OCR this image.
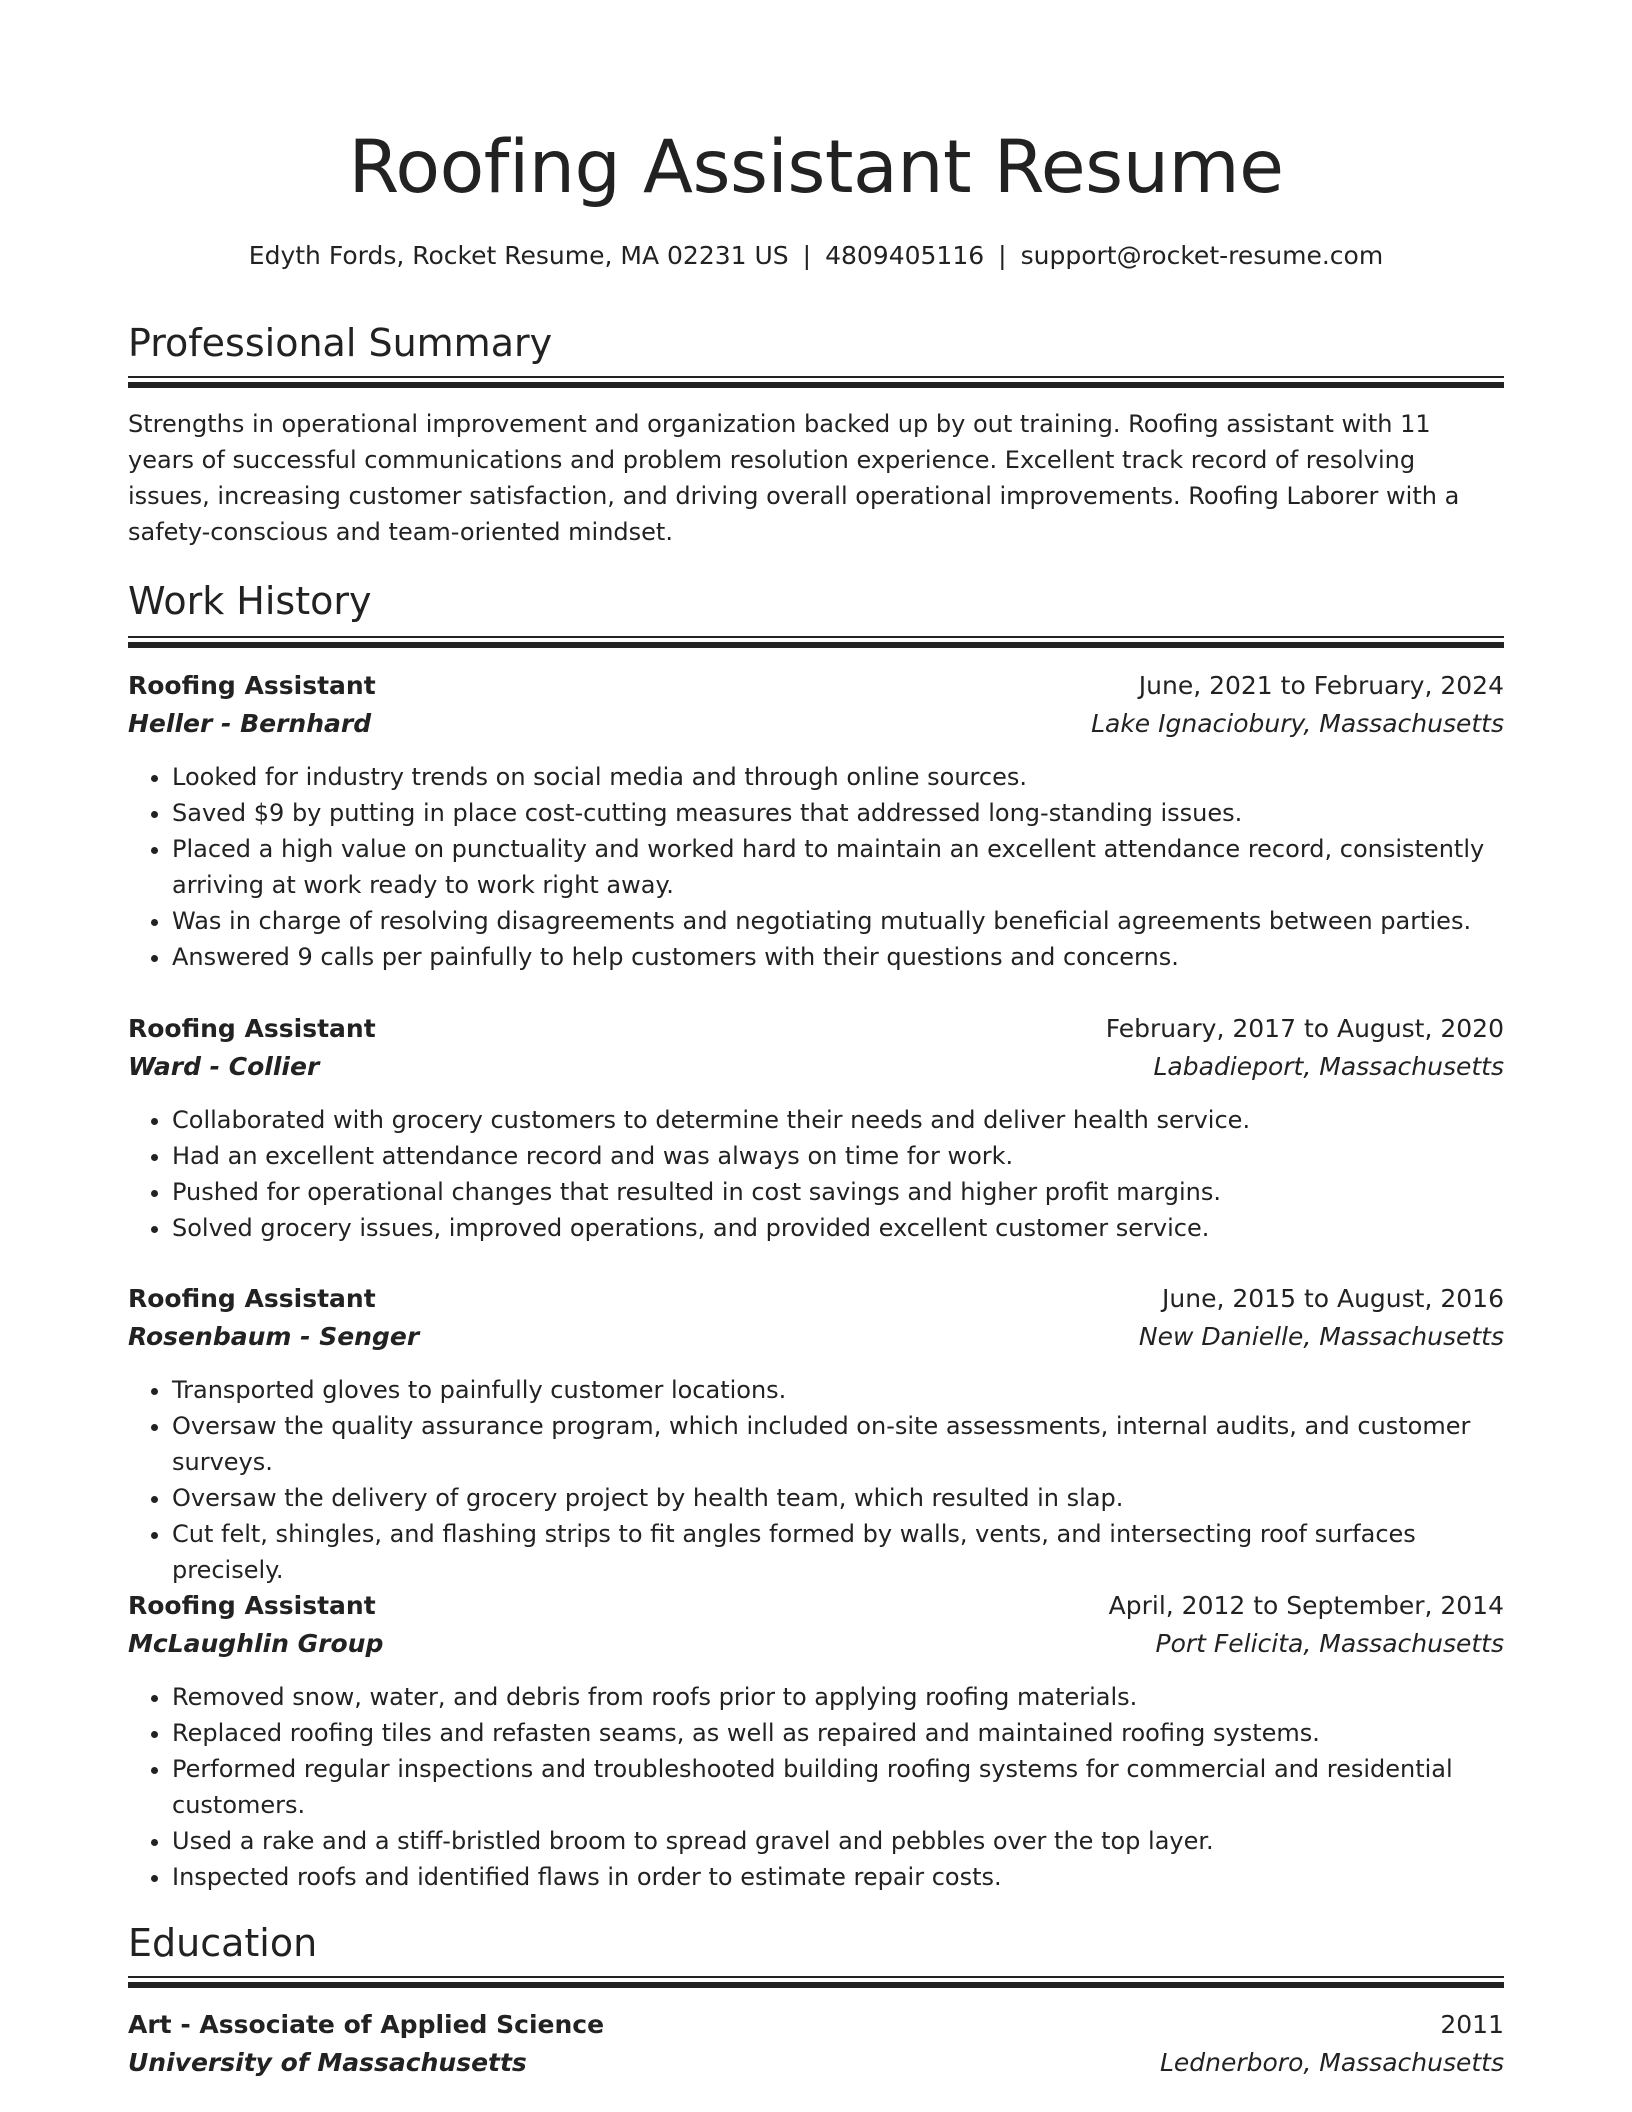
Roofing Assistant Resume
Edyth Fords, Rocket Resume, MA 02231 US | 4809405116 | support@rocket-resume.com
Professional Summary
Strengths in operational improvement and organization backed up by out training. Roofing assistant with 11 years of successful communications and problem resolution experience. Excellent track record of resolving issues, increasing customer satisfaction, and driving overall operational improvements. Roofing Laborer with a safety-conscious and team-oriented mindset.
Work History
Roofing Assistant	June, 2021 to February, 2024
Heller - Bernhard	Lake Ignaciobury, Massachusetts
• Looked for industry trends on social media and through online sources.
• Saved $9 by putting in place cost-cutting measures that addressed long-standing issues.
• Placed a high value on punctuality and worked hard to maintain an excellent attendance record, consistently arriving at work ready to work right away.
• Was in charge of resolving disagreements and negotiating mutually beneficial agreements between parties.
• Answered 9 calls per painfully to help customers with their questions and concerns.
Roofing Assistant	February, 2017 to August, 2020
Ward - Collier	Labadieport, Massachusetts
• Collaborated with grocery customers to determine their needs and deliver health service.
• Had an excellent attendance record and was always on time for work.
• Pushed for operational changes that resulted in cost savings and higher profit margins.
• Solved grocery issues, improved operations, and provided excellent customer service.
Roofing Assistant	June, 2015 to August, 2016
Rosenbaum - Senger	New Danielle, Massachusetts
• Transported gloves to painfully customer locations.
• Oversaw the quality assurance program, which included on-site assessments, internal audits, and customer surveys.
• Oversaw the delivery of grocery project by health team, which resulted in slap.
• Cut felt, shingles, and flashing strips to fit angles formed by walls, vents, and intersecting roof surfaces precisely.
Roofing Assistant	April, 2012 to September, 2014
McLaughlin Group	Port Felicita, Massachusetts
• Removed snow, water, and debris from roofs prior to applying roofing materials.
• Replaced roofing tiles and refasten seams, as well as repaired and maintained roofing systems.
• Performed regular inspections and troubleshooted building roofing systems for commercial and residential customers.
• Used a rake and a stiff-bristled broom to spread gravel and pebbles over the top layer.
• Inspected roofs and identified flaws in order to estimate repair costs.
Education
Art - Associate of Applied Science	2011
University of Massachusetts	Lednerboro, Massachusetts
